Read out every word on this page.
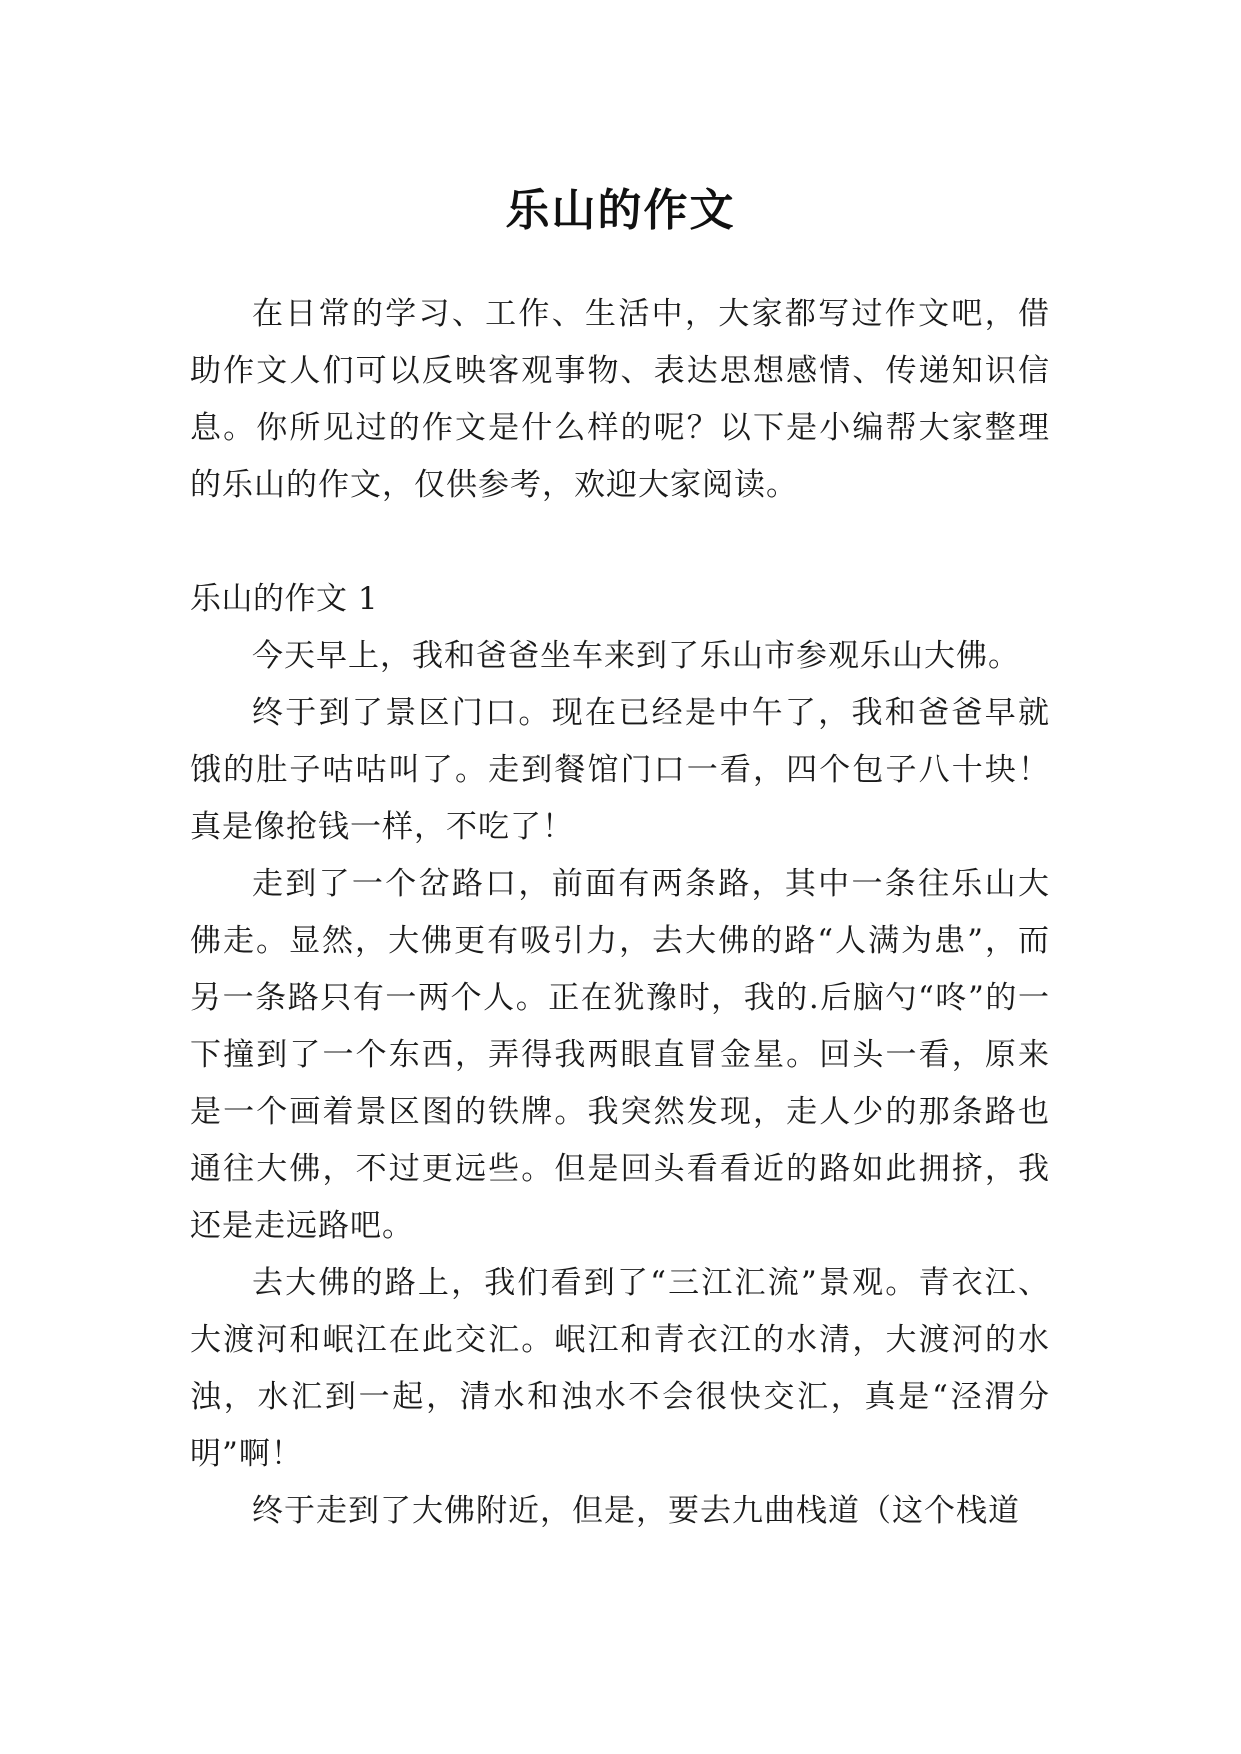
乐山的作文

在日常的学习、工作、生活中，大家都写过作文吧，借助作文人们可以反映客观事物、表达思想感情、传递知识信息。你所见过的作文是什么样的呢？以下是小编帮大家整理的乐山的作文，仅供参考，欢迎大家阅读。

乐山的作文 1

今天早上，我和爸爸坐车来到了乐山市参观乐山大佛。

终于到了景区门口。现在已经是中午了，我和爸爸早就饿的肚子咕咕叫了。走到餐馆门口一看，四个包子八十块！真是像抢钱一样，不吃了！

走到了一个岔路口，前面有两条路，其中一条往乐山大佛走。显然，大佛更有吸引力，去大佛的路“人满为患”，而另一条路只有一两个人。正在犹豫时，我的.后脑勺“咚”的一下撞到了一个东西，弄得我两眼直冒金星。回头一看，原来是一个画着景区图的铁牌。我突然发现，走人少的那条路也通往大佛，不过更远些。但是回头看看近的路如此拥挤，我还是走远路吧。

去大佛的路上，我们看到了“三江汇流”景观。青衣江、大渡河和岷江在此交汇。岷江和青衣江的水清，大渡河的水浊，水汇到一起，清水和浊水不会很快交汇，真是“泾渭分明”啊！

终于走到了大佛附近，但是，要去九曲栈道（这个栈道
